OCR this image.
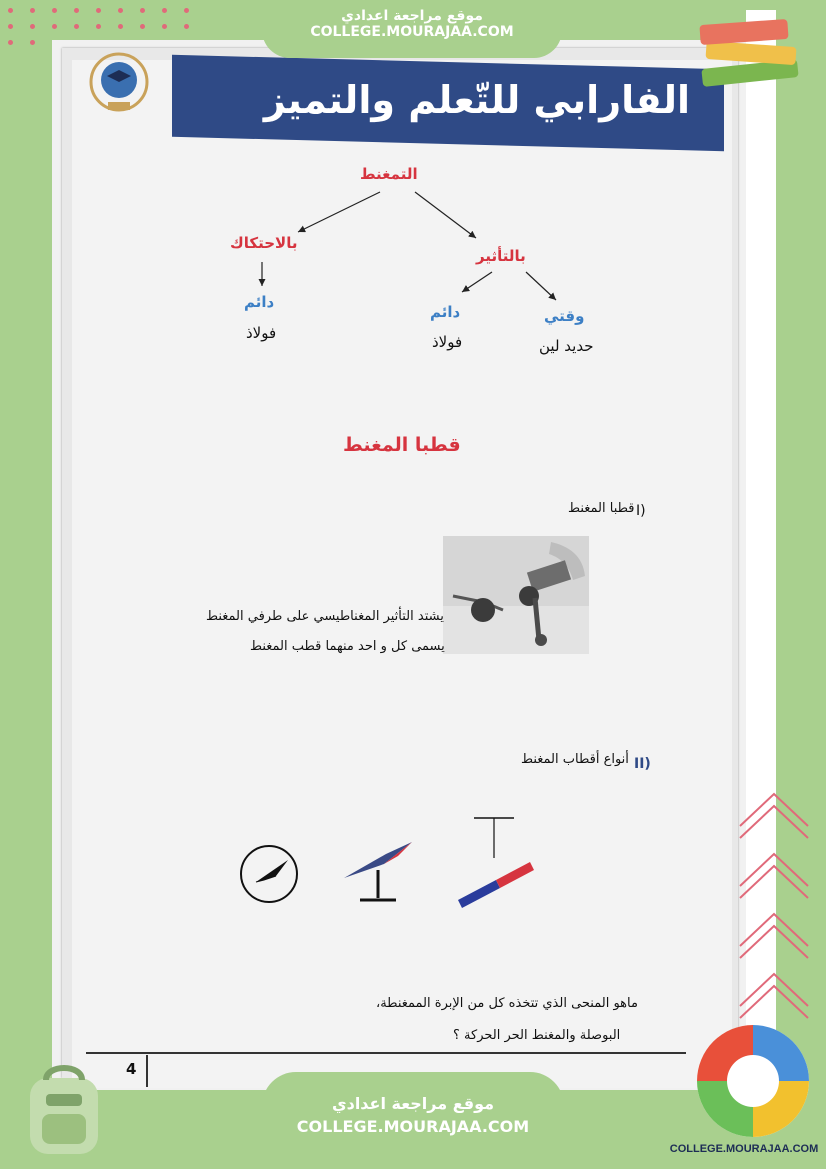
الفارابي للتّعلم والتميز
التمغنط
بالاحتكاك
بالتأثير
دائم
فولاذ
دائم
فولاذ
وقتي
حديد لين
قطبا المغنط
I)
قطبا المغنط
يشتد التأثير المغناطيسي على طرفي المغنط
يسمى كل و احد منهما قطب المغنط
II)
أنواع أقطاب المغنط
ماهو المنحى الذي تتخذه كل من الإبرة الممغنطة،
البوصلة والمغنط الحر الحركة ؟
4
موقع مراجعة اعدادي
COLLEGE.MOURAJAA.COM
موقع مراجعة اعدادي
COLLEGE.MOURAJAA.COM
COLLEGE.MOURAJAA.COM
